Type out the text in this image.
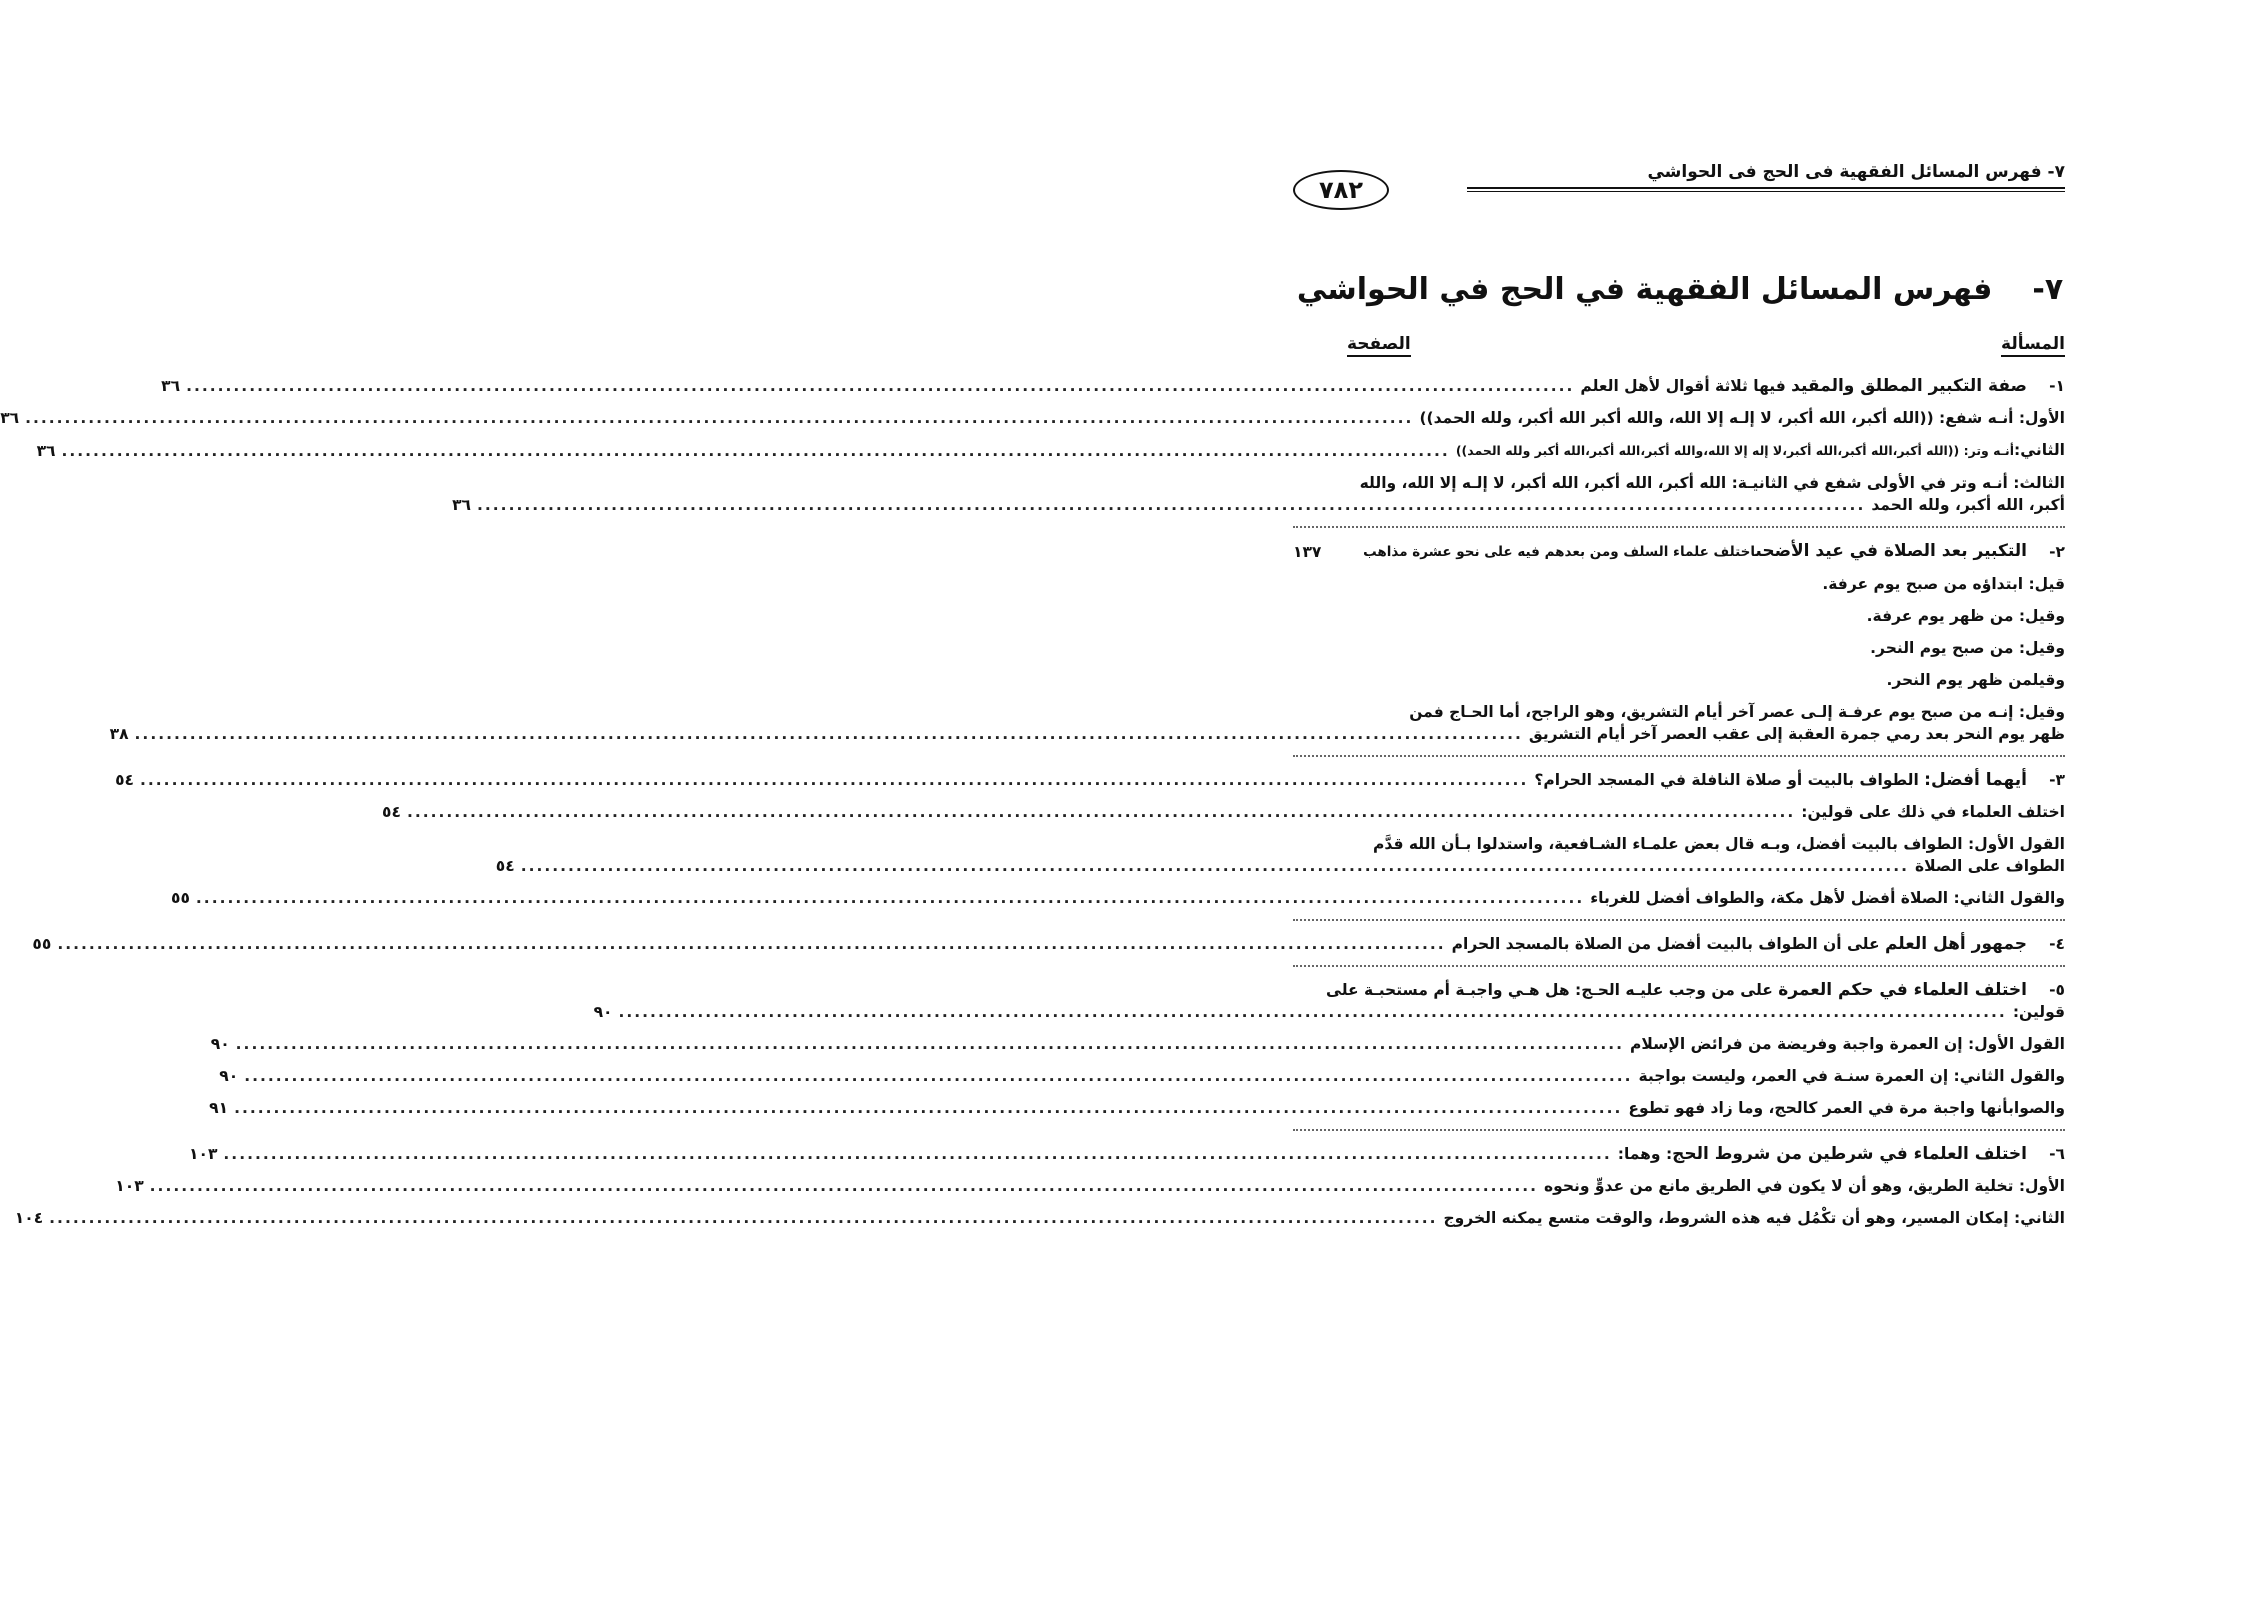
٧- فهرس المسائل الفقهية فى الحج فى الحواشي
٧٨٢
٧-فهرس المسائل الفقهية في الحج في الحواشي
المسألة
الصفحة
١-
صفة التكبير المطلق والمقيد فيها ثلاثة أقوال لأهل العلم
.....
٣٦
الأول: أنـه شفع: ((الله أكبر، الله أكبر، لا إلـه إلا الله، والله أكبر الله أكبر، ولله الحمد))
.....
٣٦
الثاني:أنـه وتر: ((الله أكبر،الله أكبر،الله أكبر،لا إله إلا الله،والله أكبر،الله أكبر،الله أكبر ولله الحمد))
.....
٣٦
الثالث: أنـه وتر في الأولى شفع في الثانيـة: الله أكبر، الله أكبر، الله أكبر، لا إلـه إلا الله، والله
أكبر، الله أكبر، ولله الحمد
.....
٣٦
٢-
التكبير بعد الصلاة في عيد الأضحىاختلف علماء السلف ومن بعدهم فيه على نحو عشرة مذاهب
١٣٧
قيل: ابتداؤه من صبح يوم عرفة.
وقيل: من ظهر يوم عرفة.
وقيل: من صبح يوم النحر.
وقيلمن ظهر يوم النحر.
وقيل: إنـه من صبح يوم عرفـة إلـى عصر آخر أيام التشريق، وهو الراجح، أما الحـاج فمن
ظهر يوم النحر بعد رمي جمرة العقبة إلى عقب العصر آخر أيام التشريق
.....
٣٨
٣-
أيهما أفضل: الطواف بالبيت أو صلاة النافلة في المسجد الحرام؟
.....
٥٤
اختلف العلماء في ذلك على قولين:
.....
٥٤
القول الأول: الطواف بالبيت أفضل، وبـه قال بعض علمـاء الشـافعية، واستدلوا بـأن الله قدَّم
الطواف على الصلاة
.....
٥٤
والقول الثاني: الصلاة أفضل لأهل مكة، والطواف أفضل للغرباء
.....
٥٥
٤-
جمهور أهل العلم على أن الطواف بالبيت أفضل من الصلاة بالمسجد الحرام
.....
٥٥
٥-اختلف العلماء في حكم العمرة على من وجب عليـه الحـج: هل هـي واجبـة أم مستحبـة على
قولين:
.....
٩٠
القول الأول: إن العمرة واجبة وفريضة من فرائض الإسلام
.....
٩٠
والقول الثاني: إن العمرة سنـة في العمر، وليست بواجبة
.....
٩٠
والصوابأنها واجبة مرة في العمر كالحج، وما زاد فهو تطوع
.....
٩١
٦-
اختلف العلماء في شرطين من شروط الحج: وهما:
.....
١٠٣
الأول: تخلية الطريق، وهو أن لا يكون في الطريق مانع من عدوٍّ ونحوه
.....
١٠٣
الثاني: إمكان المسير، وهو أن تكْمُل فيه هذه الشروط، والوقت متسع يمكنه الخروج
.....
١٠٤
